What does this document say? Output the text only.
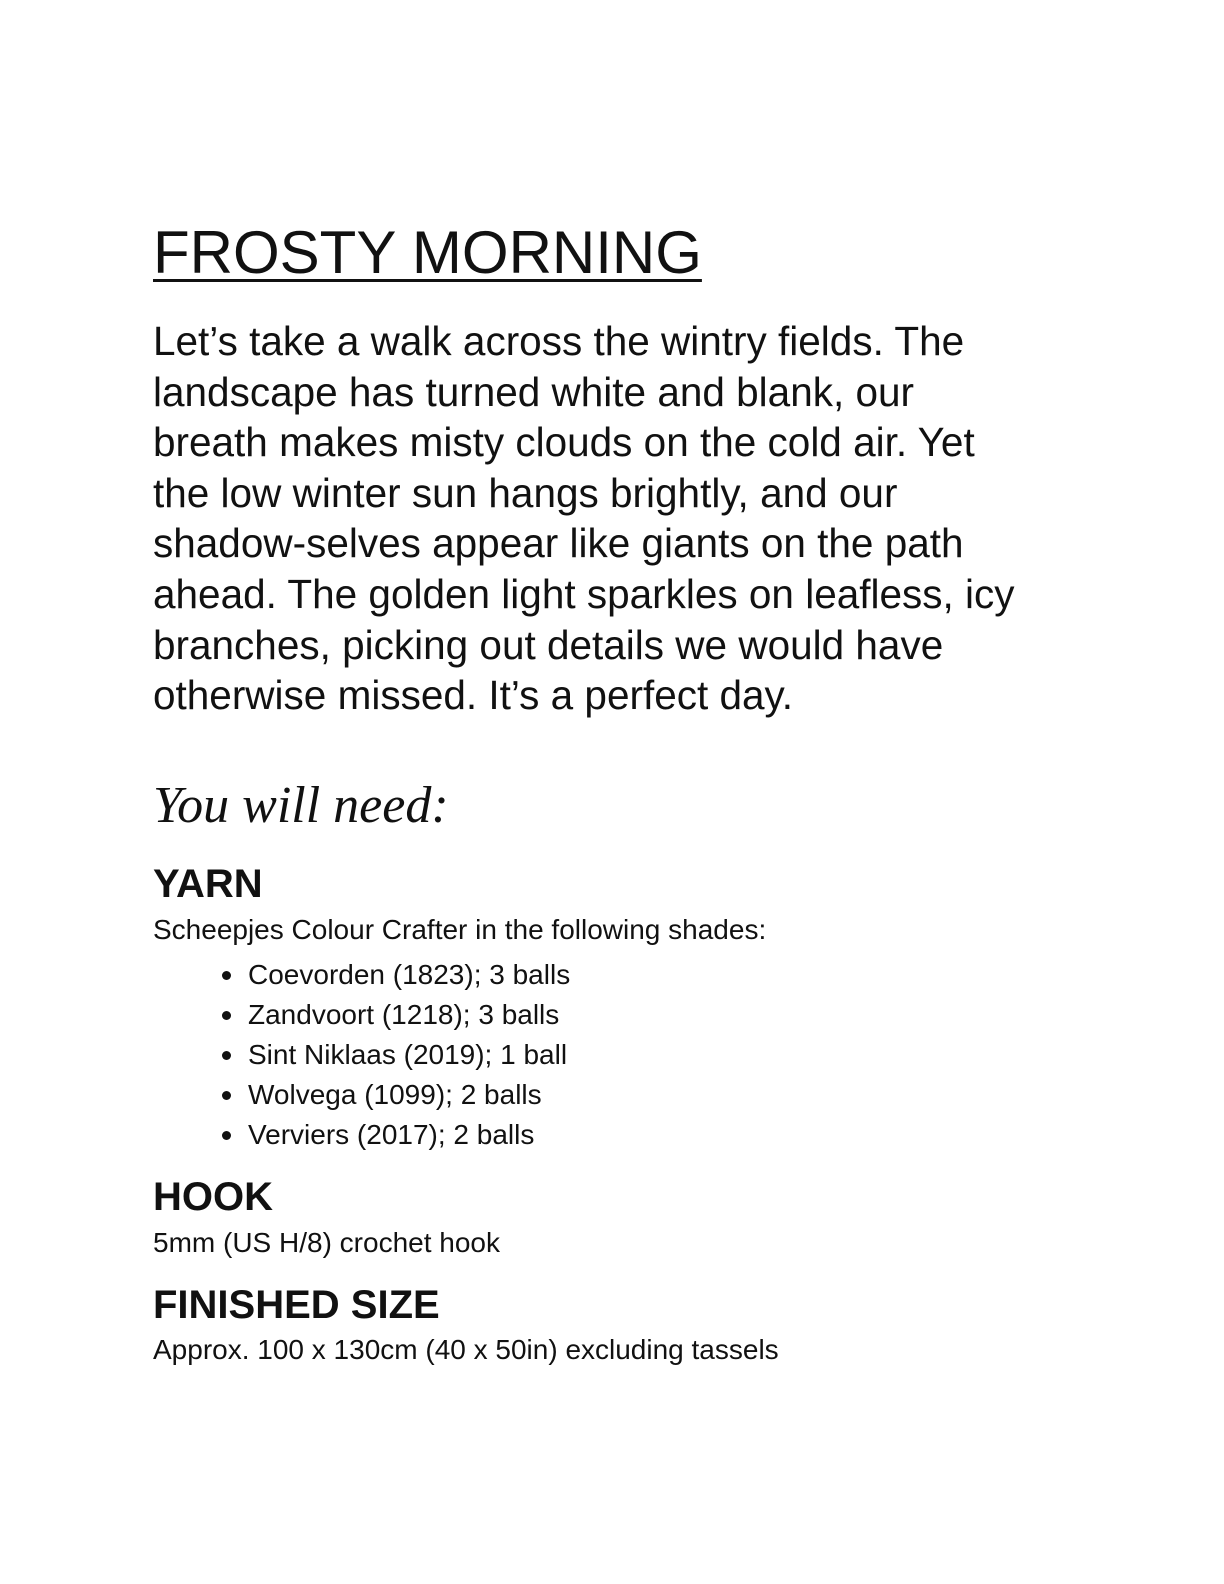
FROSTY MORNING

Let’s take a walk across the wintry fields. The
landscape has turned white and blank, our
breath makes misty clouds on the cold air. Yet
the low winter sun hangs brightly, and our
shadow-selves appear like giants on the path
ahead. The golden light sparkles on leafless, icy
branches, picking out details we would have
otherwise missed. It’s a perfect day.

You will need:
YARN

Scheepjes Colour Crafter in the following shades:

Coevorden (1823); 3 balls
Zandvoort (1218); 3 balls
Sint Niklaas (2019); 1 ball
Wolvega (1099); 2 balls
Verviers (2017); 2 balls
HOOK

5mm (US H/8) crochet hook

FINISHED SIZE

Approx. 100 x 130cm (40 x 50in) excluding tassels
